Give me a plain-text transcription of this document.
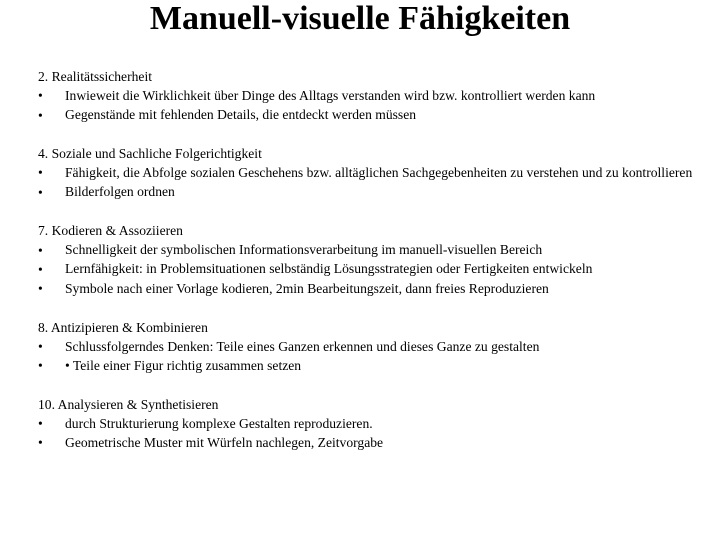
Manuell-visuelle Fähigkeiten
2. Realitätssicherheit
•	Inwieweit die Wirklichkeit über Dinge des Alltags verstanden wird bzw. kontrolliert werden kann
•	Gegenstände mit fehlenden Details, die entdeckt werden müssen
4. Soziale und Sachliche Folgerichtigkeit
•	Fähigkeit, die Abfolge sozialen Geschehens bzw. alltäglichen Sachgegebenheiten zu verstehen und zu kontrollieren
•	Bilderfolgen ordnen
7. Kodieren & Assoziieren
•	Schnelligkeit der symbolischen Informationsverarbeitung im manuell-visuellen Bereich
•	Lernfähigkeit: in Problemsituationen selbständig Lösungsstrategien oder Fertigkeiten entwickeln
•	Symbole nach einer Vorlage kodieren, 2min Bearbeitungszeit, dann freies Reproduzieren
8. Antizipieren & Kombinieren
•	Schlussfolgerndes Denken: Teile eines Ganzen erkennen und dieses Ganze zu gestalten
•	• Teile einer Figur richtig zusammen setzen
10. Analysieren & Synthetisieren
•	durch Strukturierung komplexe Gestalten reproduzieren.
•	Geometrische Muster mit Würfeln nachlegen, Zeitvorgabe
